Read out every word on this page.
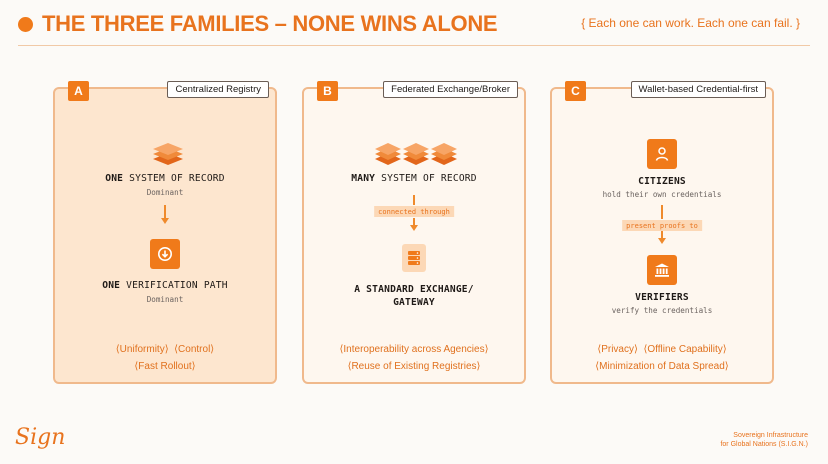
THE THREE FAMILIES – NONE WINS ALONE	{ Each one can work. Each one can fail. }
A	Centralized Registry
ONE SYSTEM OF RECORD
Dominant
ONE VERIFICATION PATH
Dominant
⟨Uniformity⟩ ⟨Control⟩
⟨Fast Rollout⟩
B	Federated Exchange/Broker
MANY SYSTEM OF RECORD
connected through
A STANDARD EXCHANGE/
GATEWAY
⟨Interoperability across Agencies⟩
⟨Reuse of Existing Registries⟩
C	Wallet-based Credential-first
CITIZENS
hold their own credentials
present proofs to
VERIFIERS
verify the credentials
⟨Privacy⟩ ⟨Offline Capability⟩
⟨Minimization of Data Spread⟩
Sign	Sovereign Infrastructure
for Global Nations (S.I.G.N.)
